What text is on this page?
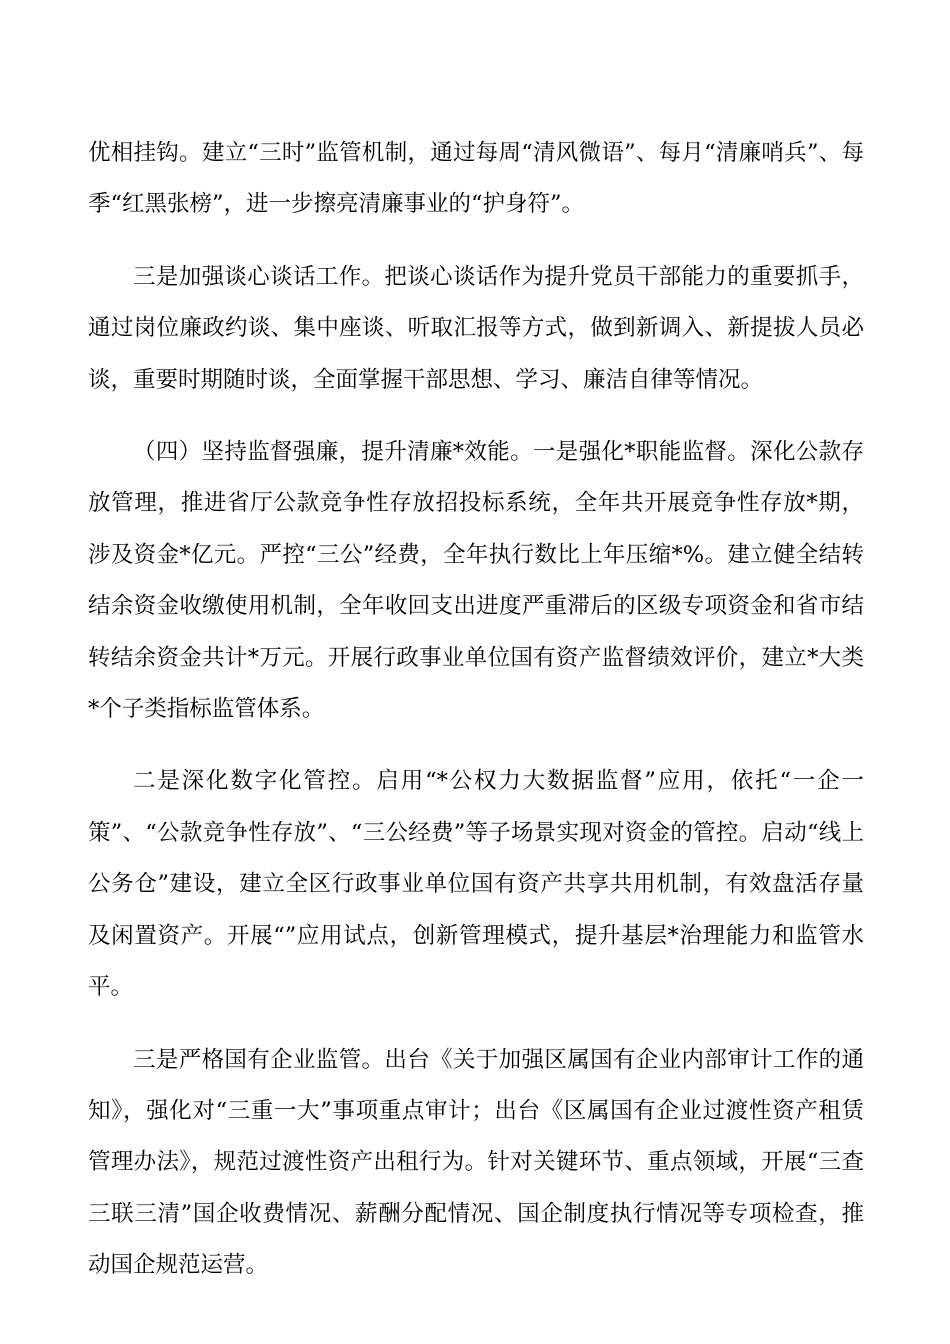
优相挂钩。建立“三时”监管机制，通过每周“清风微语”、每月“清廉哨兵”、每季“红黑张榜”，进一步擦亮清廉事业的“护身符”。

三是加强谈心谈话工作。把谈心谈话作为提升党员干部能力的重要抓手，通过岗位廉政约谈、集中座谈、听取汇报等方式，做到新调入、新提拔人员必谈，重要时期随时谈，全面掌握干部思想、学习、廉洁自律等情况。

（四）坚持监督强廉，提升清廉*效能。一是强化*职能监督。深化公款存放管理，推进省厅公款竞争性存放招投标系统，全年共开展竞争性存放*期，涉及资金*亿元。严控“三公”经费，全年执行数比上年压缩*%。建立健全结转结余资金收缴使用机制，全年收回支出进度严重滞后的区级专项资金和省市结转结余资金共计*万元。开展行政事业单位国有资产监督绩效评价，建立*大类*个子类指标监管体系。

二是深化数字化管控。启用“*公权力大数据监督”应用，依托“一企一策”、“公款竞争性存放”、“三公经费”等子场景实现对资金的管控。启动“线上公务仓”建设，建立全区行政事业单位国有资产共享共用机制，有效盘活存量及闲置资产。开展“”应用试点，创新管理模式，提升基层*治理能力和监管水平。

三是严格国有企业监管。出台《关于加强区属国有企业内部审计工作的通知》，强化对“三重一大”事项重点审计；出台《区属国有企业过渡性资产租赁管理办法》，规范过渡性资产出租行为。针对关键环节、重点领域，开展“三查三联三清”国企收费情况、薪酬分配情况、国企制度执行情况等专项检查，推动国企规范运营。
